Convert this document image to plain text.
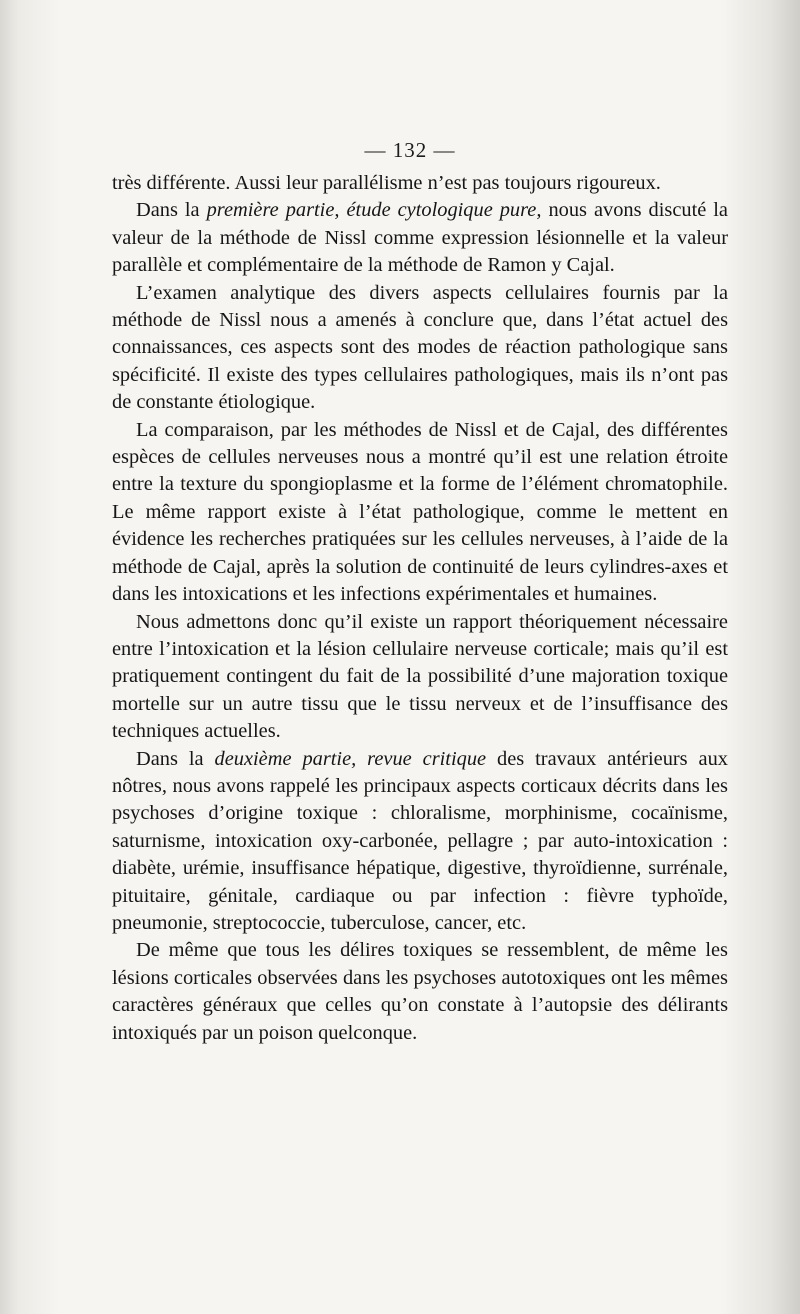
— 132 —

très différente. Aussi leur parallélisme n’est pas toujours rigoureux.

Dans la première partie, étude cytologique pure, nous avons discuté la valeur de la méthode de Nissl comme expression lésionnelle et la valeur parallèle et complémentaire de la méthode de Ramon y Cajal.

L’examen analytique des divers aspects cellulaires fournis par la méthode de Nissl nous a amenés à conclure que, dans l’état actuel des connaissances, ces aspects sont des modes de réaction pathologique sans spécificité. Il existe des types cellulaires pathologiques, mais ils n’ont pas de constante étiologique.

La comparaison, par les méthodes de Nissl et de Cajal, des différentes espèces de cellules nerveuses nous a montré qu’il est une relation étroite entre la texture du spongioplasme et la forme de l’élément chromatophile. Le même rapport existe à l’état pathologique, comme le mettent en évidence les recherches pratiquées sur les cellules nerveuses, à l’aide de la méthode de Cajal, après la solution de continuité de leurs cylindres-axes et dans les intoxications et les infections expérimentales et humaines.

Nous admettons donc qu’il existe un rapport théoriquement nécessaire entre l’intoxication et la lésion cellulaire nerveuse corticale; mais qu’il est pratiquement contingent du fait de la possibilité d’une majoration toxique mortelle sur un autre tissu que le tissu nerveux et de l’insuffisance des techniques actuelles.

Dans la deuxième partie, revue critique des travaux antérieurs aux nôtres, nous avons rappelé les principaux aspects corticaux décrits dans les psychoses d’origine toxique : chloralisme, morphinisme, cocaïnisme, saturnisme, intoxication oxy-carbonée, pellagre ; par auto-intoxication : diabète, urémie, insuffisance hépatique, digestive, thyroïdienne, surrénale, pituitaire, génitale, cardiaque ou par infection : fièvre typhoïde, pneumonie, streptococcie, tuberculose, cancer, etc.

De même que tous les délires toxiques se ressemblent, de même les lésions corticales observées dans les psychoses autotoxiques ont les mêmes caractères généraux que celles qu’on constate à l’autopsie des délirants intoxiqués par un poison quelconque.
